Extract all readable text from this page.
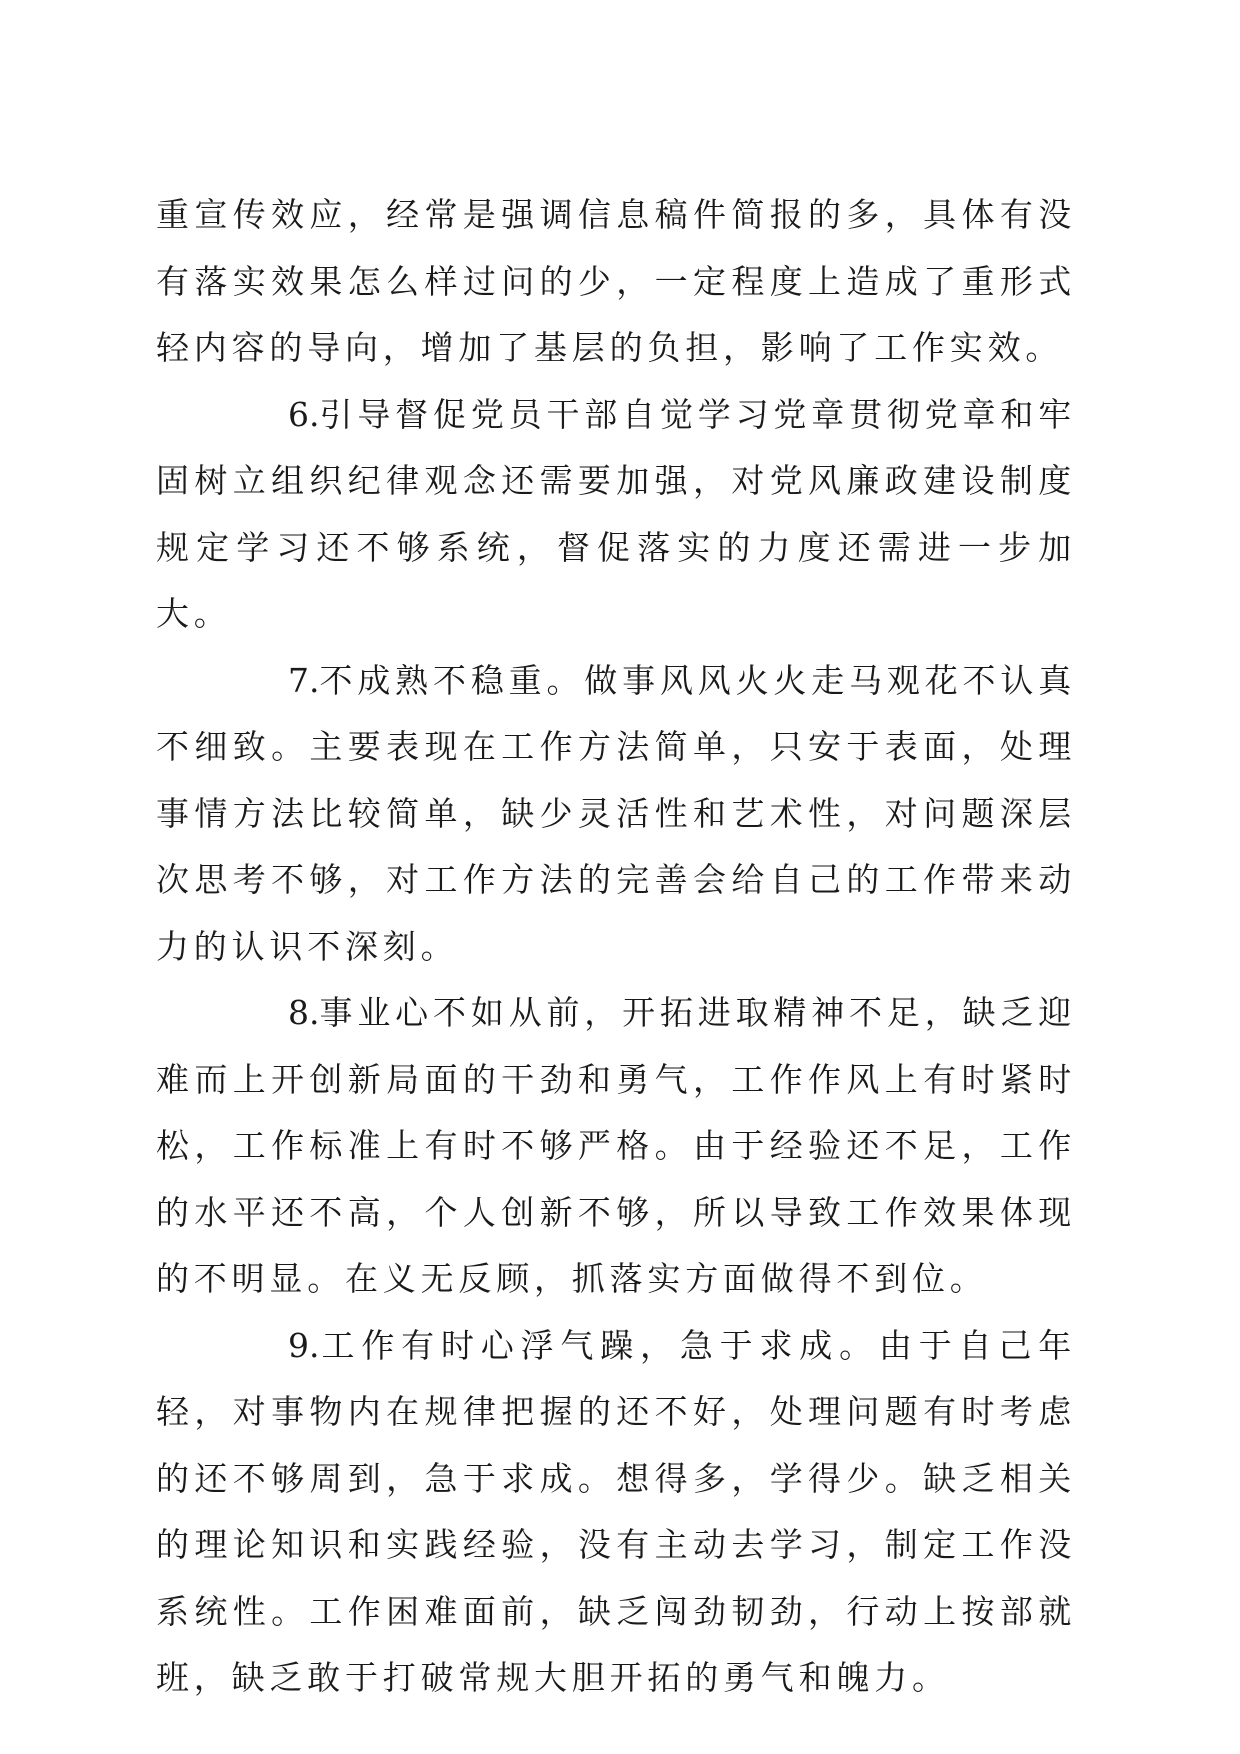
重宣传效应，经常是强调信息稿件简报的多，具体有没有落实效果怎么样过问的少，一定程度上造成了重形式轻内容的导向，增加了基层的负担，影响了工作实效。

6.引导督促党员干部自觉学习党章贯彻党章和牢固树立组织纪律观念还需要加强，对党风廉政建设制度规定学习还不够系统，督促落实的力度还需进一步加大。

7.不成熟不稳重。做事风风火火走马观花不认真不细致。主要表现在工作方法简单，只安于表面，处理事情方法比较简单，缺少灵活性和艺术性，对问题深层次思考不够，对工作方法的完善会给自己的工作带来动力的认识不深刻。

8.事业心不如从前，开拓进取精神不足，缺乏迎难而上开创新局面的干劲和勇气，工作作风上有时紧时松，工作标准上有时不够严格。由于经验还不足，工作的水平还不高，个人创新不够，所以导致工作效果体现的不明显。在义无反顾，抓落实方面做得不到位。

9.工作有时心浮气躁，急于求成。由于自己年轻，对事物内在规律把握的还不好，处理问题有时考虑的还不够周到，急于求成。想得多，学得少。缺乏相关的理论知识和实践经验，没有主动去学习，制定工作没系统性。工作困难面前，缺乏闯劲韧劲，行动上按部就班，缺乏敢于打破常规大胆开拓的勇气和魄力。
